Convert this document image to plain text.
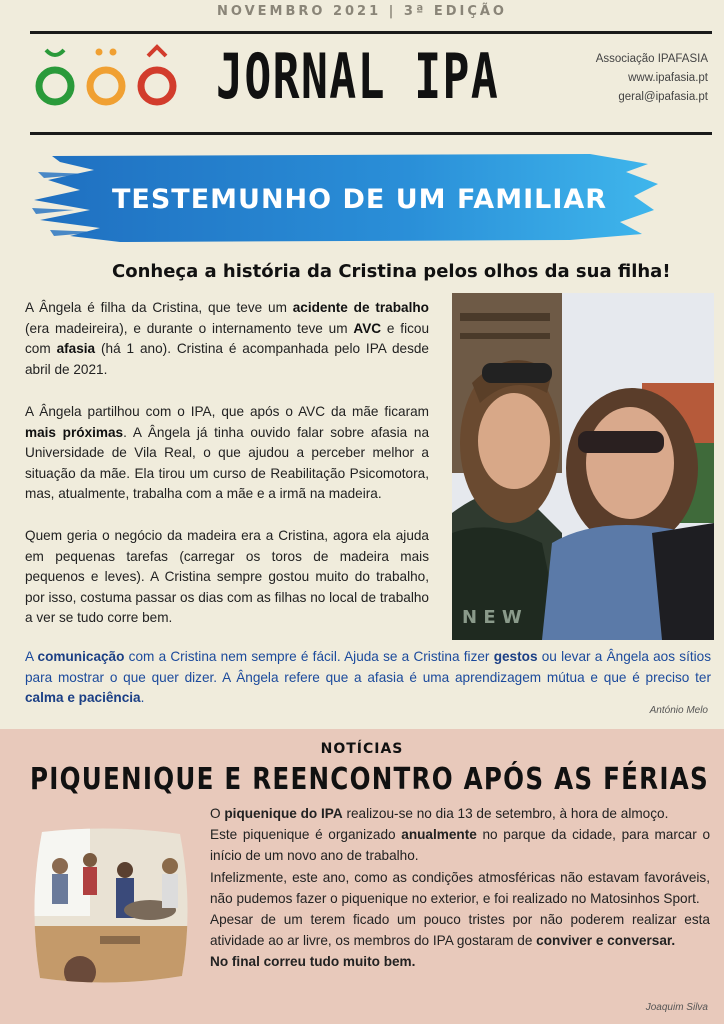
NOVEMBRO 2021 | 3ª EDIÇÃO
JORNAL IPA	Associação IPAFASIA
www.ipafasia.pt
geral@ipafasia.pt
TESTEMUNHO DE UM FAMILIAR
Conheça a história da Cristina pelos olhos da sua filha!
A Ângela é filha da Cristina, que teve um acidente de trabalho (era madeireira), e durante o internamento teve um AVC e ficou com afasia (há 1 ano). Cristina é acompanhada pelo IPA desde abril de 2021.
A Ângela partilhou com o IPA, que após o AVC da mãe ficaram mais próximas. A Ângela já tinha ouvido falar sobre afasia na Universidade de Vila Real, o que ajudou a perceber melhor a situação da mãe. Ela tirou um curso de Reabilitação Psicomotora, mas, atualmente, trabalha com a mãe e a irmã na madeira.
Quem geria o negócio da madeira era a Cristina, agora ela ajuda em pequenas tarefas (carregar os toros de madeira mais pequenos e leves). A Cristina sempre gostou muito do trabalho, por isso, costuma passar os dias com as filhas no local de trabalho a ver se tudo corre bem.	N E W
A comunicação com a Cristina nem sempre é fácil. Ajuda se a Cristina fizer gestos ou levar a Ângela aos sítios para mostrar o que quer dizer. A Ângela refere que a afasia é uma aprendizagem mútua e que é preciso ter calma e paciência.
António Melo
NOTÍCIAS
PIQUENIQUE E REENCONTRO APÓS AS FÉRIAS

O piquenique do IPA realizou-se no dia 13 de setembro, à hora de almoço.

Este piquenique é organizado anualmente no parque da cidade, para marcar o início de um novo ano de trabalho.

Infelizmente, este ano, como as condições atmosféricas não estavam favoráveis, não pudemos fazer o piquenique no exterior, e foi realizado no Matosinhos Sport.

Apesar de um terem ficado um pouco tristes por não poderem realizar esta atividade ao ar livre, os membros do IPA gostaram de conviver e conversar.

No final correu tudo muito bem.

Joaquim Silva
